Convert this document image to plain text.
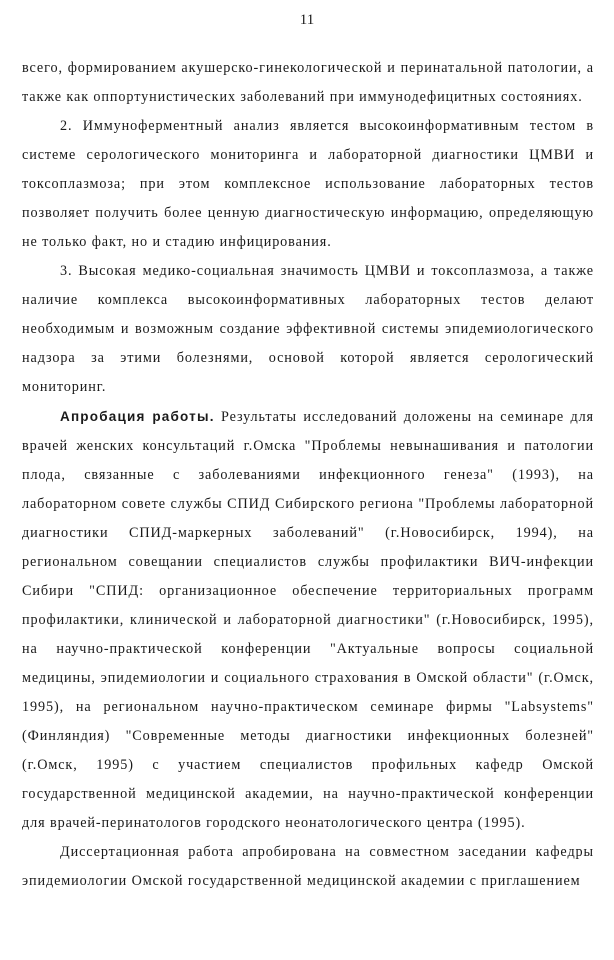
11

всего, формированием акушерско-гинекологической и перинатальной патологии, а также как оппортунистических заболеваний при иммунодефицитных состояниях.

2. Иммуноферментный анализ является высокоинформативным тестом в системе серологического мониторинга и лабораторной диагностики ЦМВИ и токсоплазмоза; при этом комплексное использование лабораторных тестов позволяет получить более ценную диагностическую информацию, определяющую не только факт, но и стадию инфицирования.

3. Высокая медико-социальная значимость ЦМВИ и токсоплазмоза, а также наличие комплекса высокоинформативных лабораторных тестов делают необходимым и возможным создание эффективной системы эпидемиологического надзора за этими болезнями, основой которой является серологический мониторинг.

Апробация работы. Результаты исследований доложены на семинаре для врачей женских консультаций г.Омска "Проблемы невынашивания и патологии плода, связанные с заболеваниями инфекционного генеза" (1993), на лабораторном совете службы СПИД Сибирского региона "Проблемы лабораторной диагностики СПИД-маркерных заболеваний" (г.Новосибирск, 1994), на региональном совещании специалистов службы профилактики ВИЧ-инфекции Сибири "СПИД: организационное обеспечение территориальных программ профилактики, клинической и лабораторной диагностики" (г.Новосибирск, 1995), на научно-практической конференции "Актуальные вопросы социальной медицины, эпидемиологии и социального страхования в Омской области" (г.Омск, 1995), на региональном научно-практическом семинаре фирмы "Labsystems" (Финляндия) "Современные методы диагностики инфекционных болезней" (г.Омск, 1995) с участием специалистов профильных кафедр Омской государственной медицинской академии, на научно-практической конференции для врачей-перинатологов городского неонатологического центра (1995).

Диссертационная работа апробирована на совместном заседании кафедры эпидемиологии Омской государственной медицинской академии с приглашением
